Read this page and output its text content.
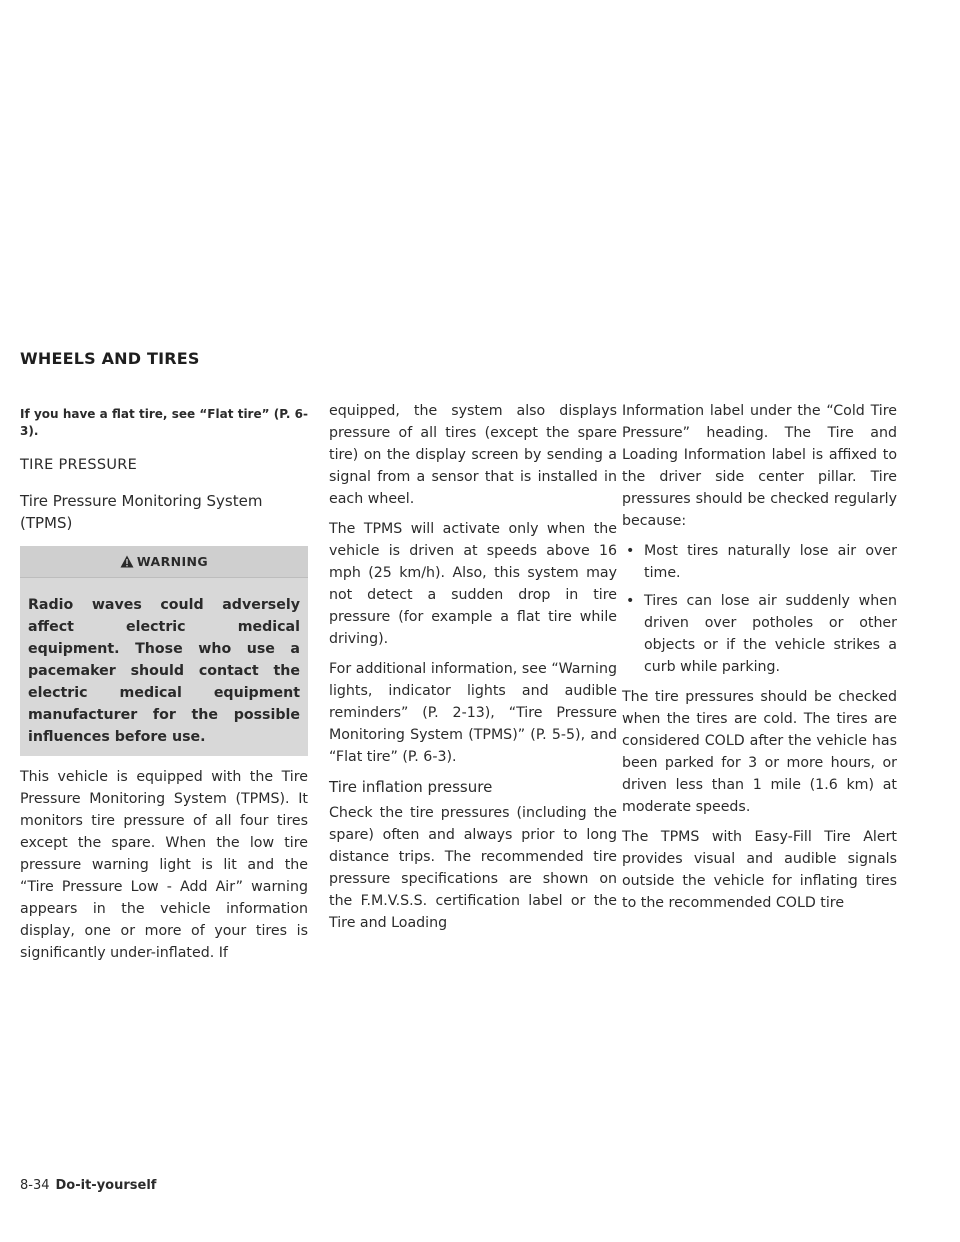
WHEELS AND TIRES

If you have a flat tire, see “Flat tire” (P. 6-3).

TIRE PRESSURE

Tire Pressure Monitoring System (TPMS)

WARNING
Radio waves could adversely affect electric medical equipment. Those who use a pacemaker should contact the electric medical equipment manufacturer for the possible influences before use.

This vehicle is equipped with the Tire Pressure Monitoring System (TPMS). It monitors tire pressure of all four tires except the spare. When the low tire pressure warning light is lit and the “Tire Pressure Low - Add Air” warning appears in the vehicle information display, one or more of your tires is significantly under-inflated. If

equipped, the system also displays pressure of all tires (except the spare tire) on the display screen by sending a signal from a sensor that is installed in each wheel.

The TPMS will activate only when the vehicle is driven at speeds above 16 mph (25 km/h). Also, this system may not detect a sudden drop in tire pressure (for example a flat tire while driving).

For additional information, see “Warning lights, indicator lights and audible reminders” (P. 2-13), “Tire Pressure Monitoring System (TPMS)” (P. 5-5), and “Flat tire” (P. 6-3).

Tire inflation pressure

Check the tire pressures (including the spare) often and always prior to long distance trips. The recommended tire pressure specifications are shown on the F.M.V.S.S. certification label or the Tire and Loading

Information label under the “Cold Tire Pressure” heading. The Tire and Loading Information label is affixed to the driver side center pillar. Tire pressures should be checked regularly because:

• Most tires naturally lose air over time.
• Tires can lose air suddenly when driven over potholes or other objects or if the vehicle strikes a curb while parking.

The tire pressures should be checked when the tires are cold. The tires are considered COLD after the vehicle has been parked for 3 or more hours, or driven less than 1 mile (1.6 km) at moderate speeds.

The TPMS with Easy-Fill Tire Alert provides visual and audible signals outside the vehicle for inflating tires to the recommended COLD tire

8-34 Do-it-yourself
